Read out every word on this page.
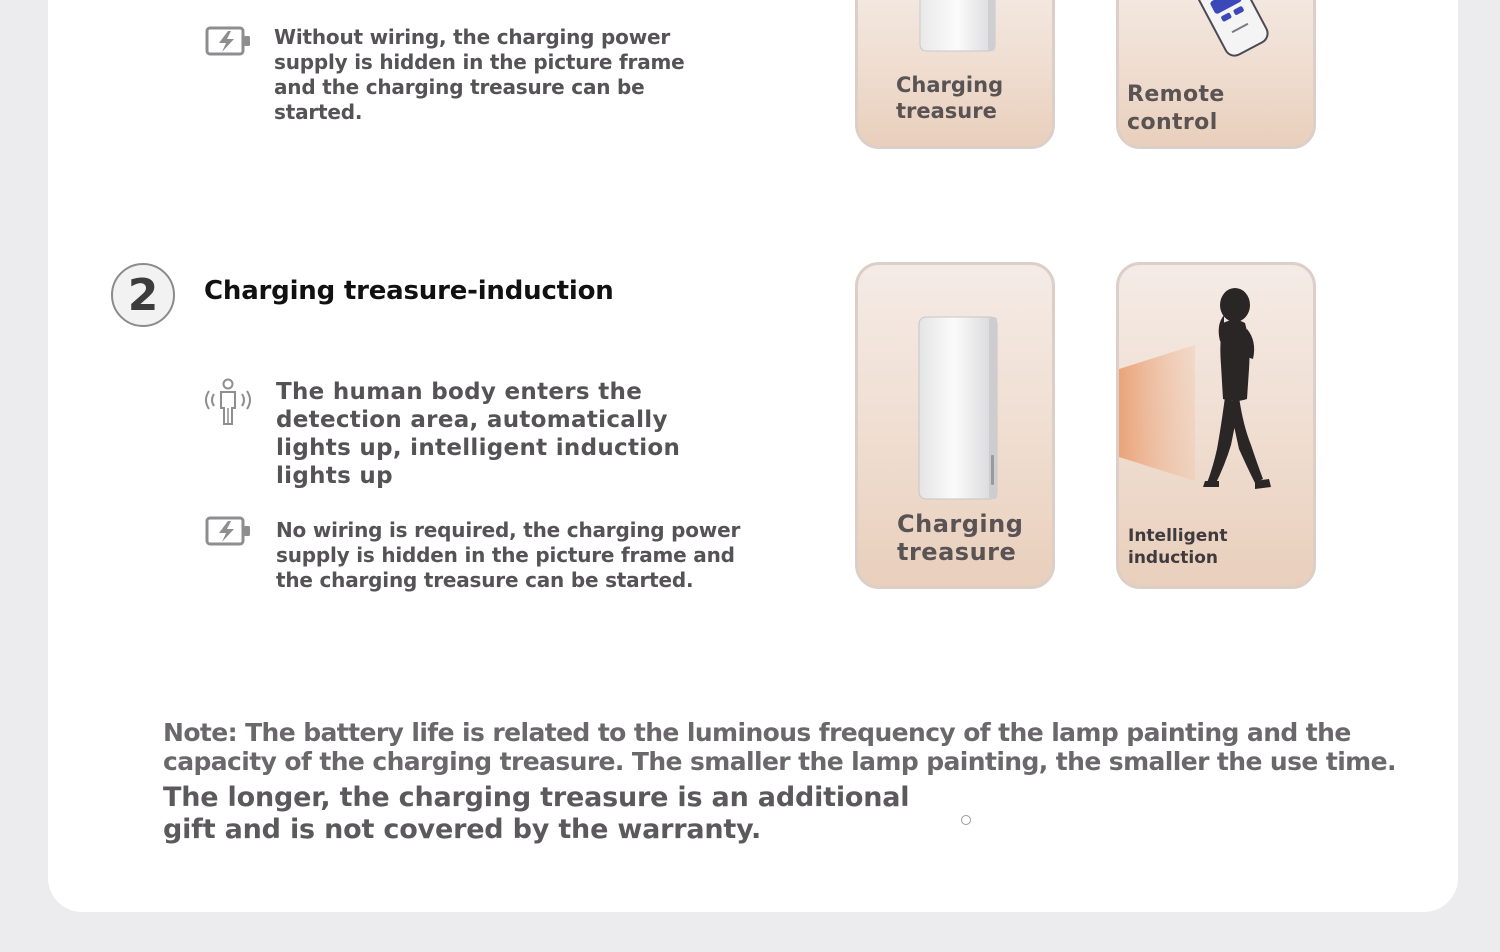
Without wiring, the charging power supply is hidden in the picture frame and the charging treasure can be started.
Charging
treasure
Remote control
2	Charging treasure-induction
The human body enters the detection area, automatically lights up, intelligent induction lights up
No wiring is required, the charging power supply is hidden in the picture frame and the charging treasure can be started.
Charging
treasure
Intelligent induction
Note: The battery life is related to the luminous frequency of the lamp painting and the capacity of the charging treasure. The smaller the lamp painting, the smaller the use time.
The longer, the charging treasure is an additional gift and is not covered by the warranty.
